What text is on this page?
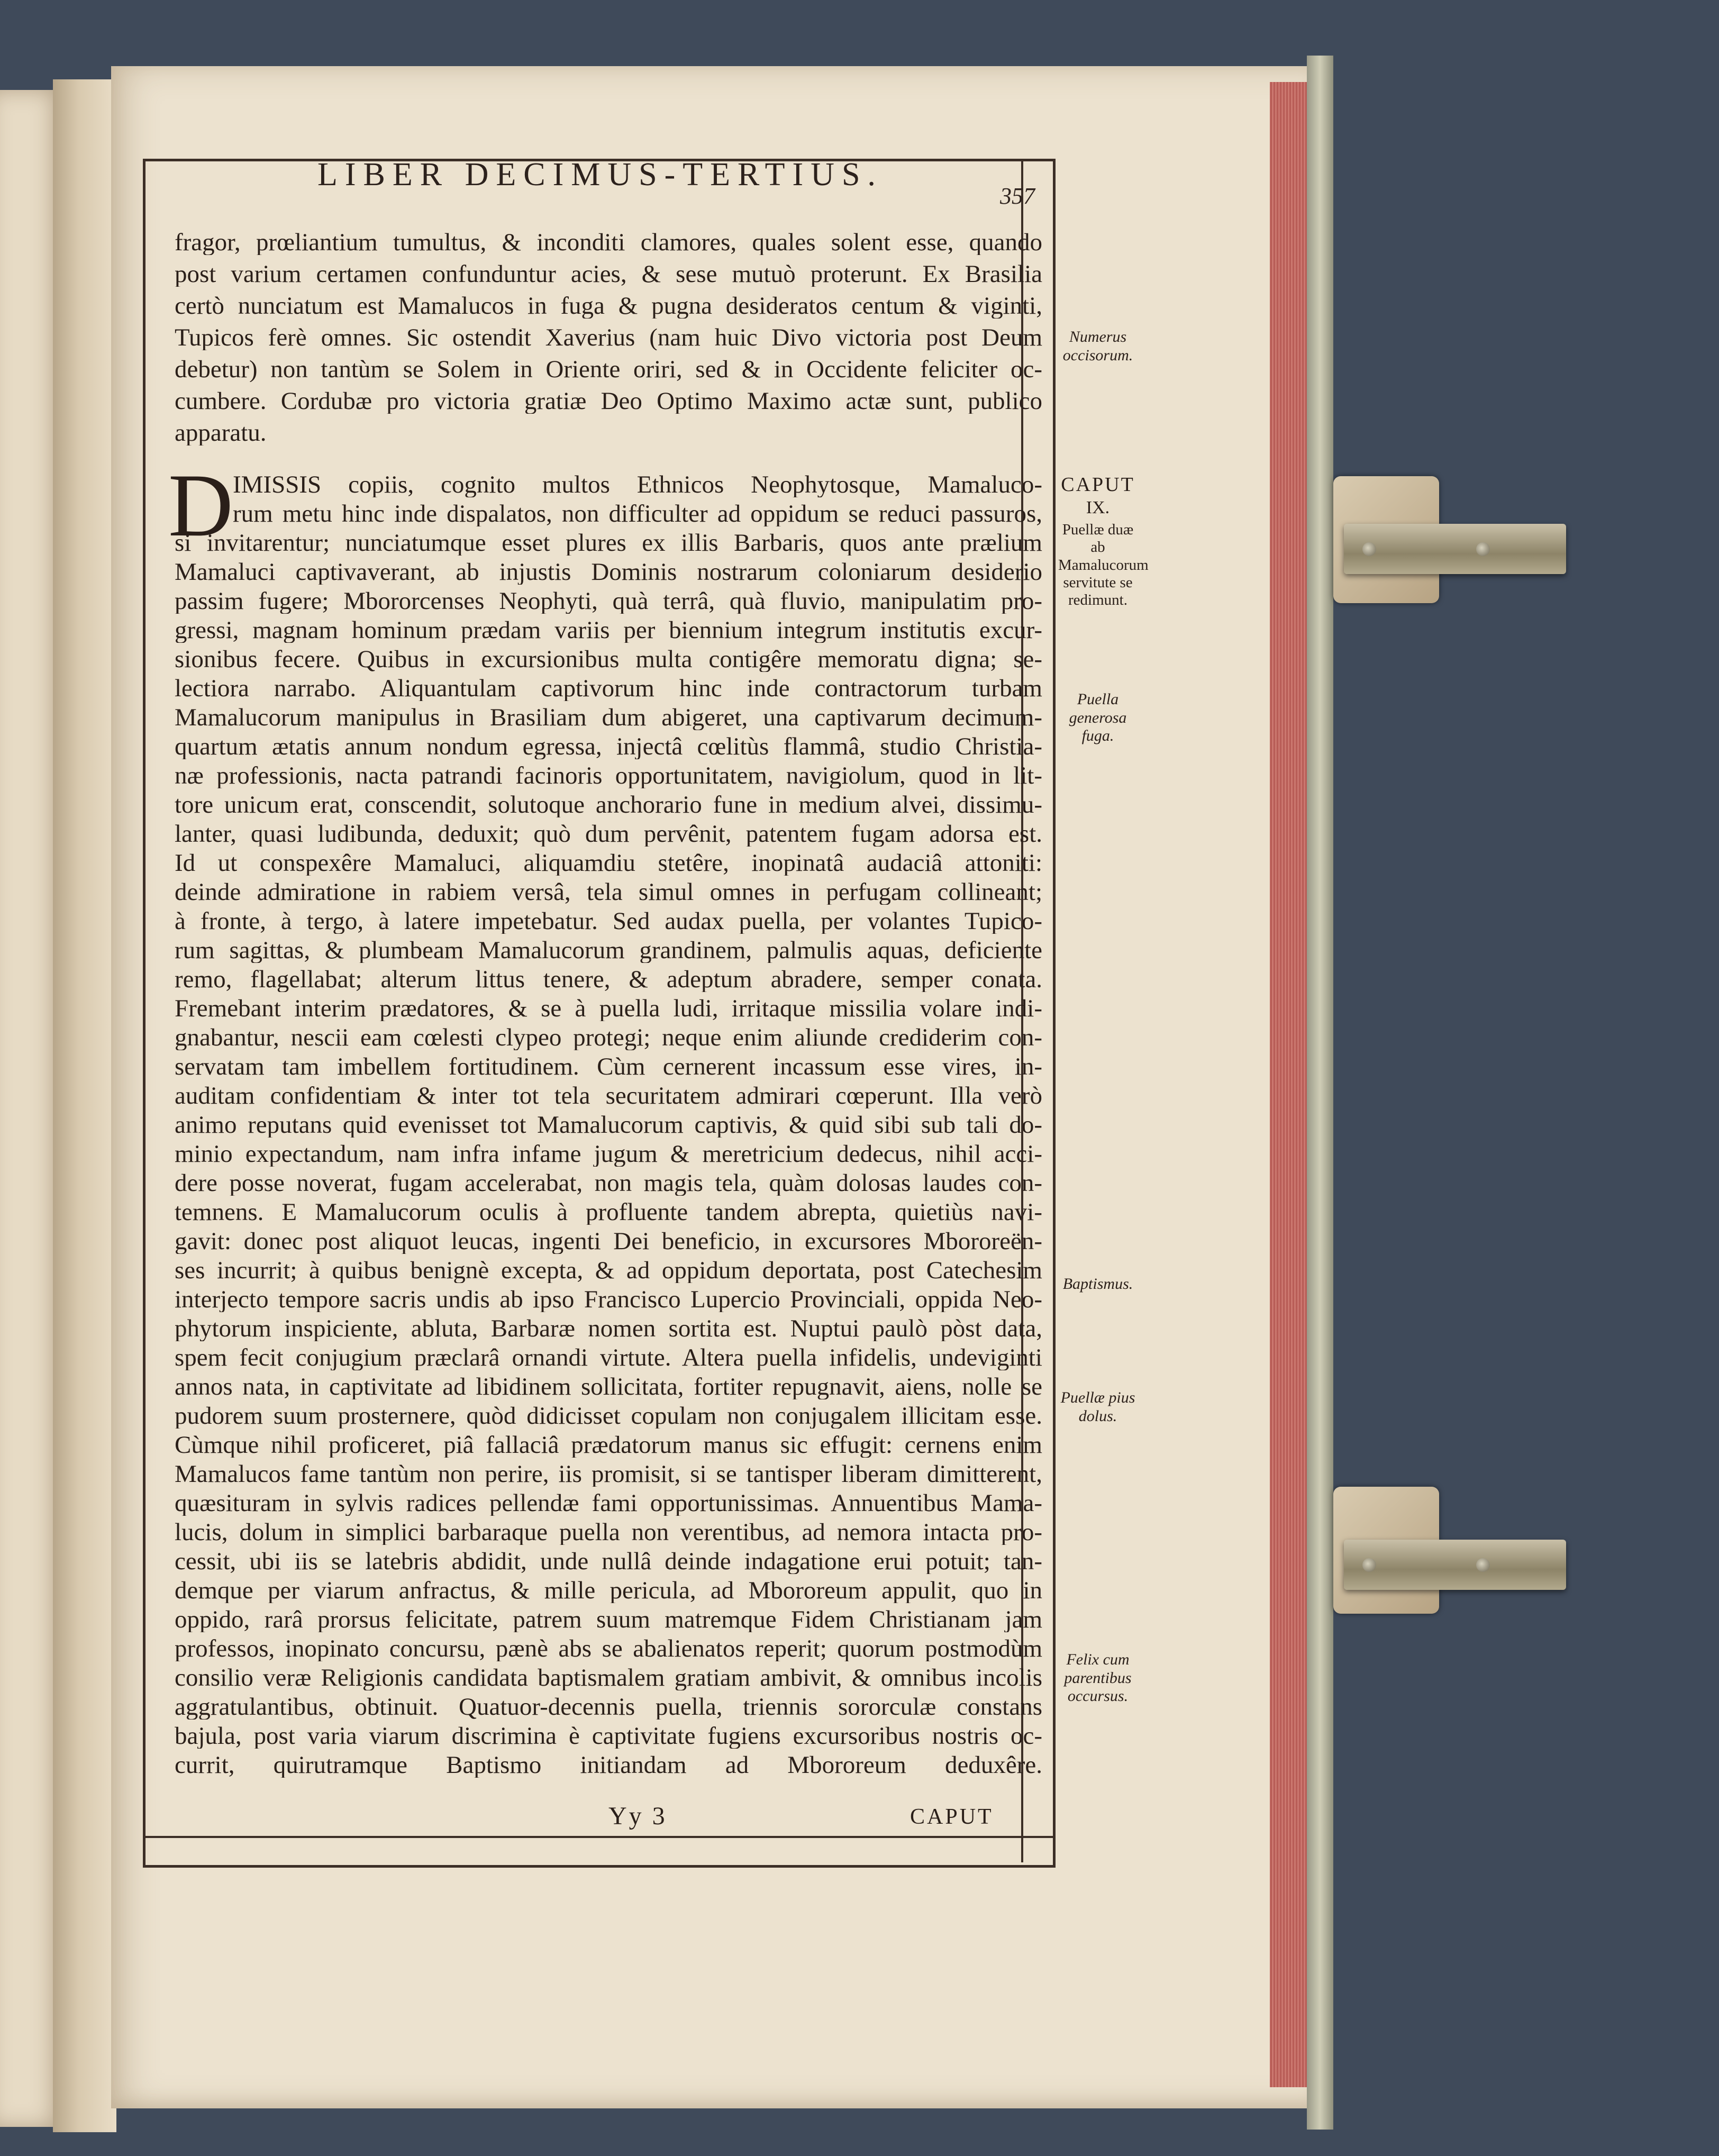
LIBER DECIMUS-TERTIUS.
357
fragor, prœliantium tumultus, & inconditi clamores, quales solent esse, quando
post varium certamen confunduntur acies, & sese mutuò proterunt. Ex Brasilia
certò nunciatum est Mamalucos in fuga & pugna desideratos centum & viginti,
Tupicos ferè omnes. Sic ostendit Xaverius (nam huic Divo victoria post Deum
debetur) non tantùm se Solem in Oriente oriri, sed & in Occidente feliciter oc-
cumbere. Cordubæ pro victoria gratiæ Deo Optimo Maximo actæ sunt, publico
apparatu.
D IMISSIS copiis, cognito multos Ethnicos Neophytosque, Mamaluco-
rum metu hinc inde dispalatos, non difficulter ad oppidum se reduci passuros,
si invitarentur; nunciatumque esset plures ex illis Barbaris, quos ante prælium
Mamaluci captivaverant, ab injustis Dominis nostrarum coloniarum desiderio
passim fugere; Mbororcenses Neophyti, quà terrâ, quà fluvio, manipulatim pro-
gressi, magnam hominum prædam variis per biennium integrum institutis excur-
sionibus fecere. Quibus in excursionibus multa contigêre memoratu digna; se-
lectiora narrabo. Aliquantulam captivorum hinc inde contractorum turbam
Mamalucorum manipulus in Brasiliam dum abigeret, una captivarum decimum-
quartum ætatis annum nondum egressa, injectâ cœlitùs flammâ, studio Christia-
næ professionis, nacta patrandi facinoris opportunitatem, navigiolum, quod in lit-
tore unicum erat, conscendit, solutoque anchorario fune in medium alvei, dissimu-
lanter, quasi ludibunda, deduxit; quò dum pervênit, patentem fugam adorsa est.
Id ut conspexêre Mamaluci, aliquamdiu stetêre, inopinatâ audaciâ attoniti:
deinde admiratione in rabiem versâ, tela simul omnes in perfugam collineant;
à fronte, à tergo, à latere impetebatur. Sed audax puella, per volantes Tupico-
rum sagittas, & plumbeam Mamalucorum grandinem, palmulis aquas, deficiente
remo, flagellabat; alterum littus tenere, & adeptum abradere, semper conata.
Fremebant interim prædatores, & se à puella ludi, irritaque missilia volare indi-
gnabantur, nescii eam cœlesti clypeo protegi; neque enim aliunde crediderim con-
servatam tam imbellem fortitudinem. Cùm cernerent incassum esse vires, in-
auditam confidentiam & inter tot tela securitatem admirari cœperunt. Illa verò
animo reputans quid evenisset tot Mamalucorum captivis, & quid sibi sub tali do-
minio expectandum, nam infra infame jugum & meretricium dedecus, nihil acci-
dere posse noverat, fugam accelerabat, non magis tela, quàm dolosas laudes con-
temnens. E Mamalucorum oculis à profluente tandem abrepta, quietiùs navi-
gavit: donec post aliquot leucas, ingenti Dei beneficio, in excursores Mbororeën-
ses incurrit; à quibus benignè excepta, & ad oppidum deportata, post Catechesim
interjecto tempore sacris undis ab ipso Francisco Lupercio Provinciali, oppida Neo-
phytorum inspiciente, abluta, Barbaræ nomen sortita est. Nuptui paulò pòst data,
spem fecit conjugium præclarâ ornandi virtute. Altera puella infidelis, undeviginti
annos nata, in captivitate ad libidinem sollicitata, fortiter repugnavit, aiens, nolle se
pudorem suum prosternere, quòd didicisset copulam non conjugalem illicitam esse.
Cùmque nihil proficeret, piâ fallaciâ prædatorum manus sic effugit: cernens enim
Mamalucos fame tantùm non perire, iis promisit, si se tantisper liberam dimitterent,
quæsituram in sylvis radices pellendæ fami opportunissimas. Annuentibus Mama-
lucis, dolum in simplici barbaraque puella non verentibus, ad nemora intacta pro-
cessit, ubi iis se latebris abdidit, unde nullâ deinde indagatione erui potuit; tan-
demque per viarum anfractus, & mille pericula, ad Mbororeum appulit, quo in
oppido, rarâ prorsus felicitate, patrem suum matremque Fidem Christianam jam
professos, inopinato concursu, pænè abs se abalienatos reperit; quorum postmodùm
consilio veræ Religionis candidata baptismalem gratiam ambivit, & omnibus incolis
aggratulantibus, obtinuit. Quatuor-decennis puella, triennis sororculæ constans
bajula, post varia viarum discrimina è captivitate fugiens excursoribus nostris oc-
currit, quirutramque Baptismo initiandam ad Mbororeum deduxêre.
Numerus occisorum.
CAPUT
IX.
Puellæ duæ ab Mamalucorum servitute se redimunt.
Puella generosa fuga.
Baptismus.
Puellæ pius dolus.
Felix cum parentibus occursus.
Yy 3	CAPUT
